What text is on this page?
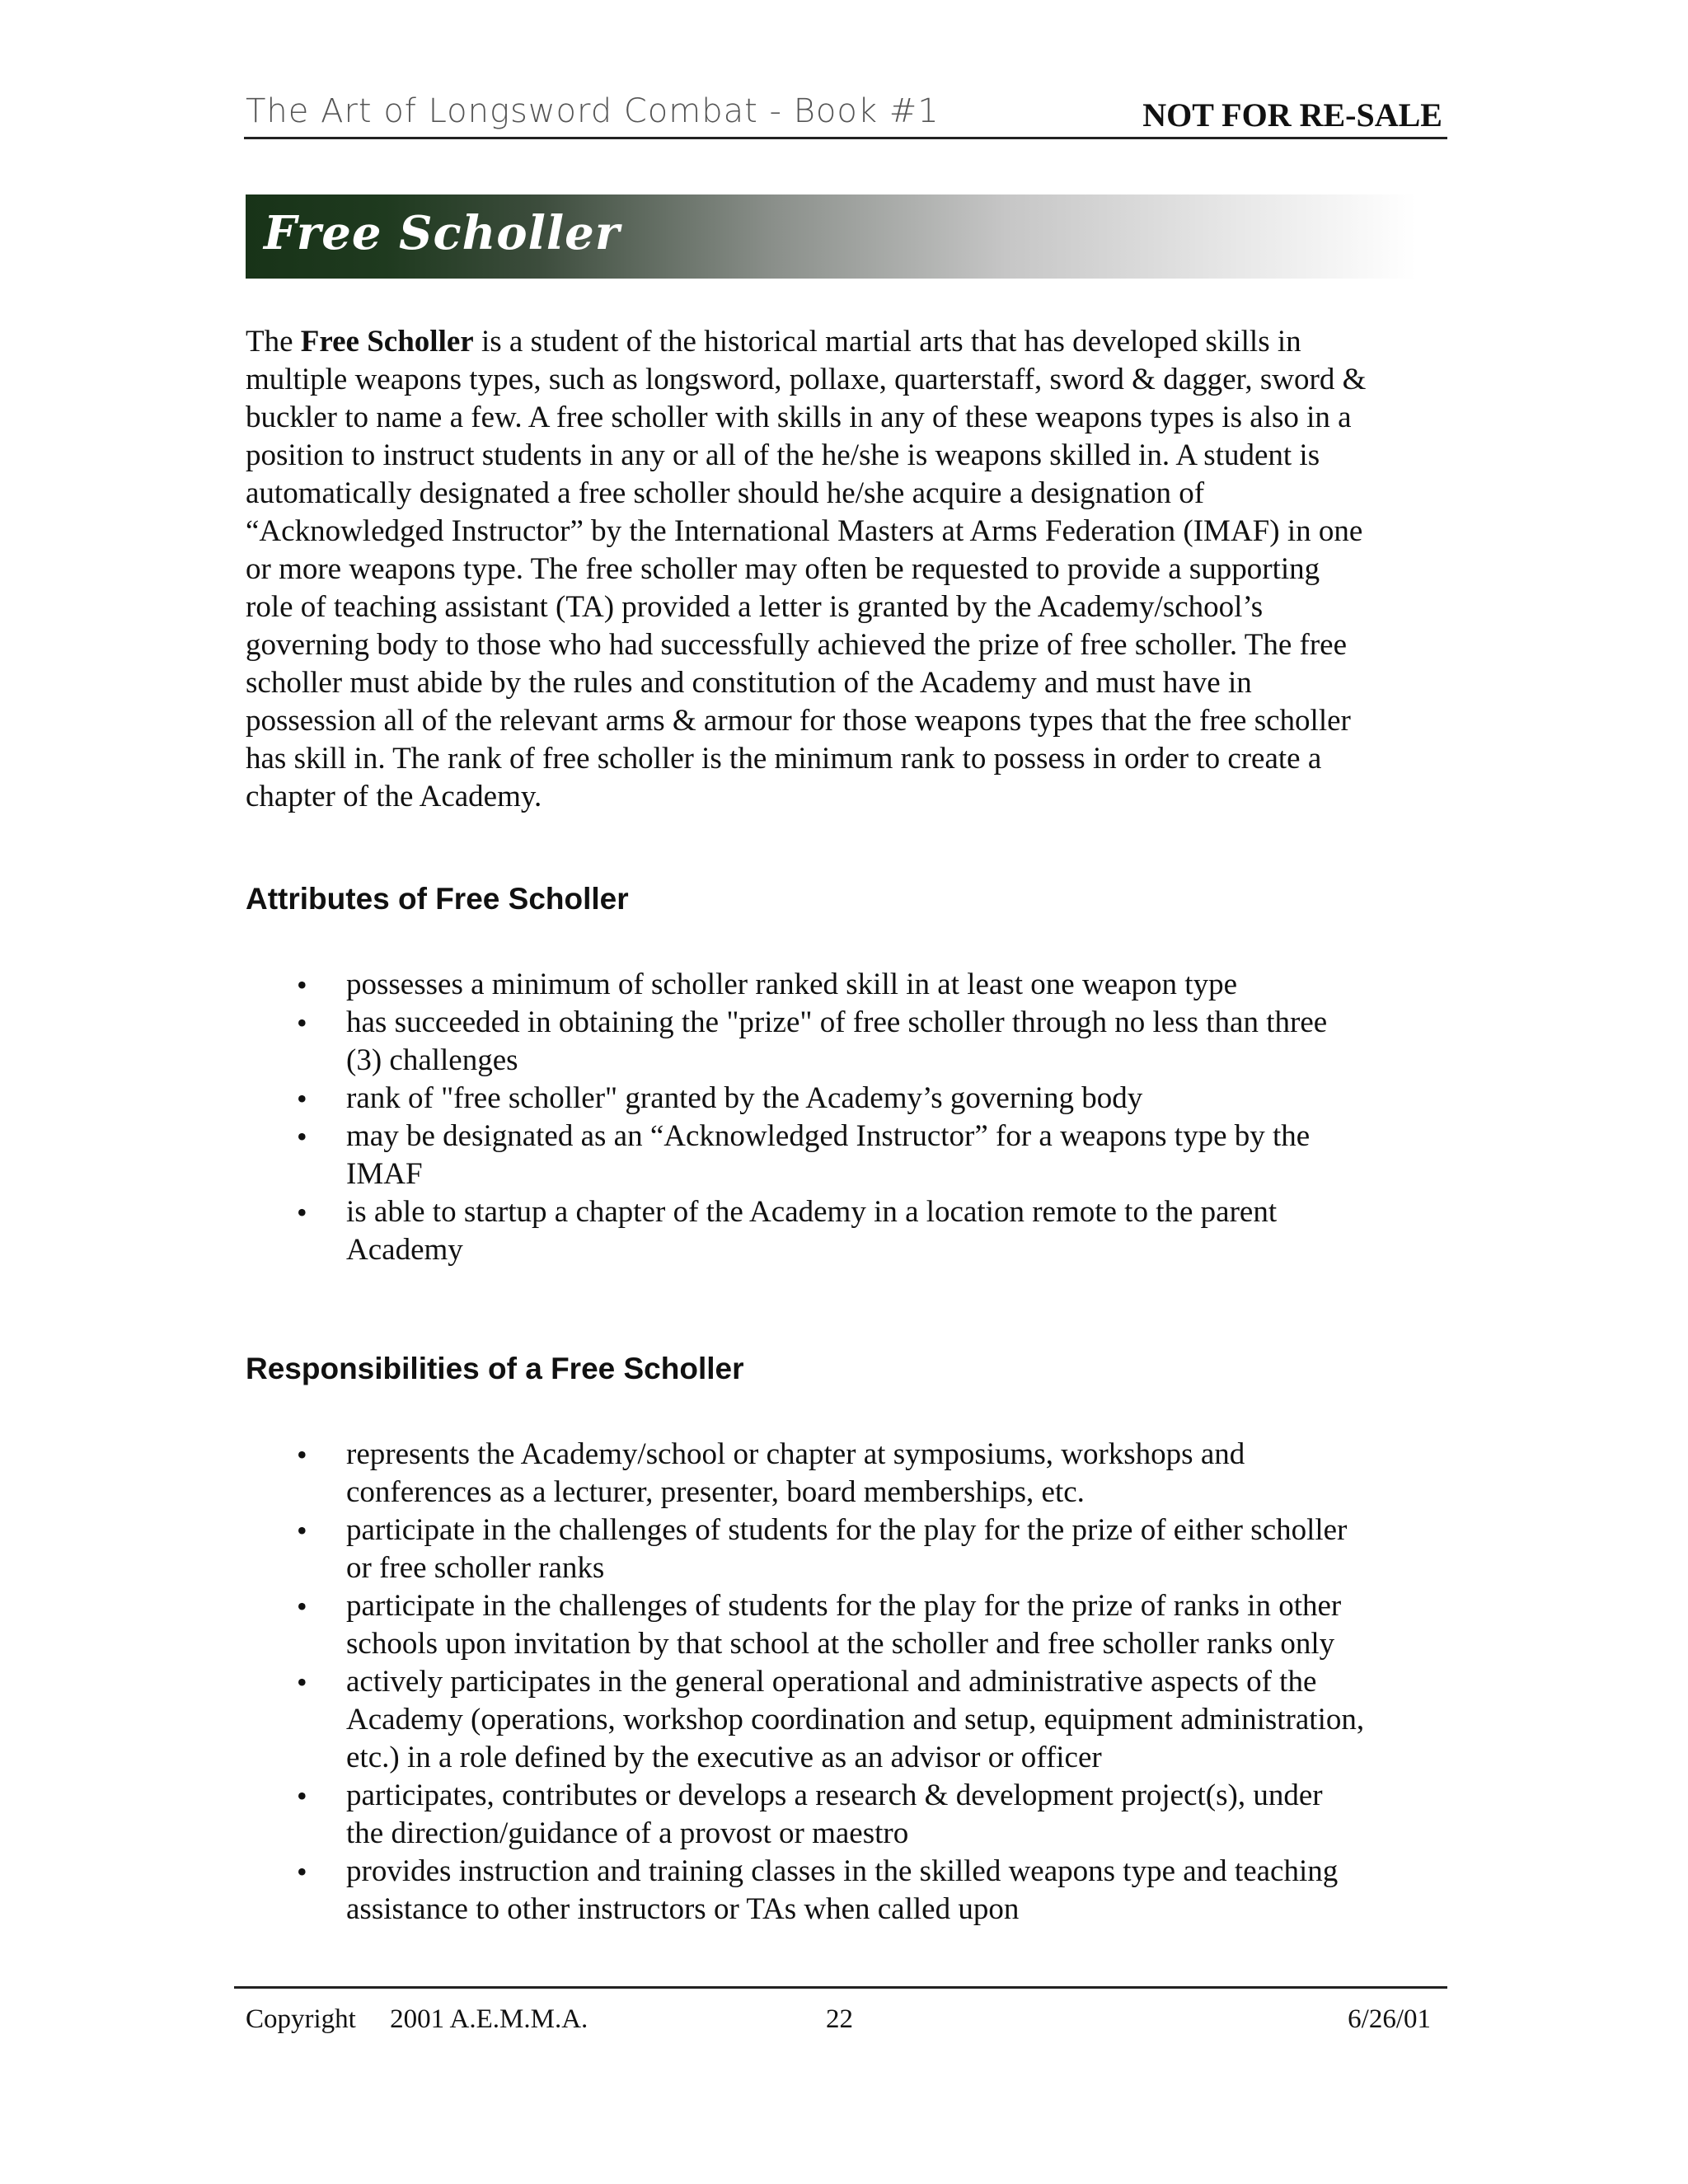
The Art of Longsword Combat - Book #1	NOT FOR RE-SALE
Free Scholler
The Free Scholler is a student of the historical martial arts that has developed skills in multiple weapons types, such as longsword, pollaxe, quarterstaff, sword & dagger, sword & buckler to name a few. A free scholler with skills in any of these weapons types is also in a position to instruct students in any or all of the he/she is weapons skilled in. A student is automatically designated a free scholler should he/she acquire a designation of “Acknowledged Instructor” by the International Masters at Arms Federation (IMAF) in one or more weapons type. The free scholler may often be requested to provide a supporting role of teaching assistant (TA) provided a letter is granted by the Academy/school’s governing body to those who had successfully achieved the prize of free scholler. The free scholler must abide by the rules and constitution of the Academy and must have in possession all of the relevant arms & armour for those weapons types that the free scholler has skill in. The rank of free scholler is the minimum rank to possess in order to create a chapter of the Academy.
Attributes of Free Scholler
• possesses a minimum of scholler ranked skill in at least one weapon type
• has succeeded in obtaining the "prize" of free scholler through no less than three (3) challenges
• rank of "free scholler" granted by the Academy’s governing body
• may be designated as an “Acknowledged Instructor” for a weapons type by the IMAF
• is able to startup a chapter of the Academy in a location remote to the parent Academy
Responsibilities of a Free Scholler
• represents the Academy/school or chapter at symposiums, workshops and conferences as a lecturer, presenter, board memberships, etc.
• participate in the challenges of students for the play for the prize of either scholler or free scholler ranks
• participate in the challenges of students for the play for the prize of ranks in other schools upon invitation by that school at the scholler and free scholler ranks only
• actively participates in the general operational and administrative aspects of the Academy (operations, workshop coordination and setup, equipment administration, etc.) in a role defined by the executive as an advisor or officer
• participates, contributes or develops a research & development project(s), under the direction/guidance of a provost or maestro
• provides instruction and training classes in the skilled weapons type and teaching assistance to other instructors or TAs when called upon
Copyright     2001 A.E.M.M.A.	22	6/26/01
